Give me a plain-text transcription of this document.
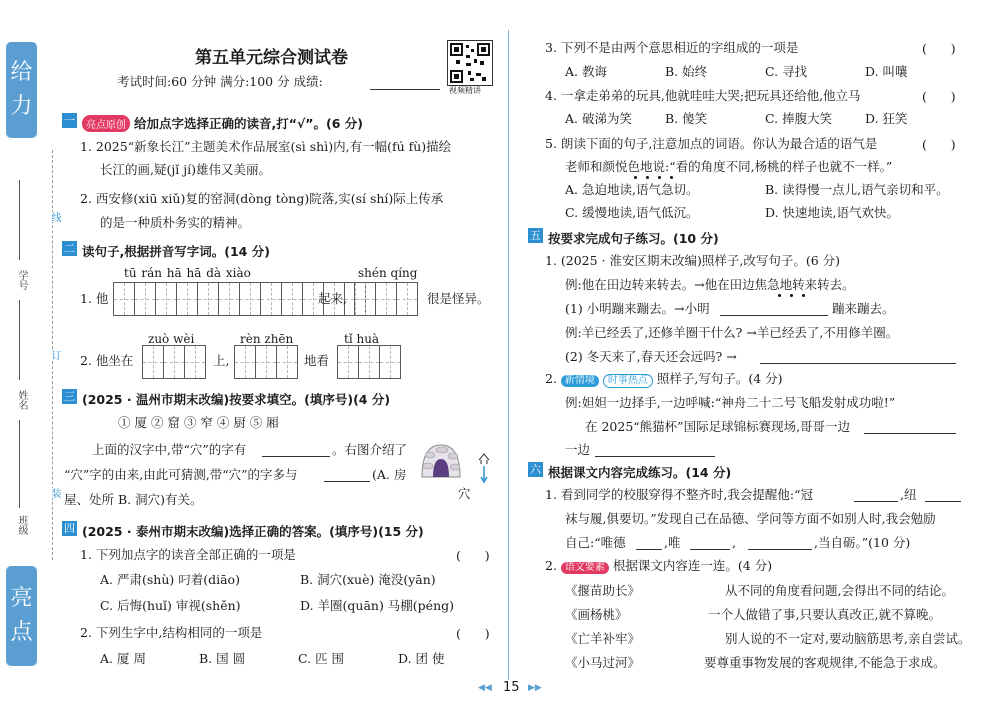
给 力
亮 点
学号
姓名
班级
线
订
装
第五单元综合测试卷
考试时间:60 分钟 满分:100 分 成绩:
视频精讲
一	亮点原创 给加点字选择正确的读音,打“√”。(6 分)
1. 2025“新象长江”主题美术作品展室(sì shì)内,有一幅(fú fù)描绘
长江的画,疑(jǐ jí)雄伟又美丽。
2. 西安修(xiū xiǔ)复的窑洞(dòng tòng)院落,实(sí shí)际上传承
的是一种质朴务实的精神。
二 读句子,根据拼音写字词。(14 分)
tū rán hā hā dà xiào	shén qíng
1. 他	起来,	很是怪异。
zuò wèi	rèn zhēn	tǐ huà
2. 他坐在	上,	地看
三 (2025 · 温州市期末改编)按要求填空。(填序号)(4 分)
① 厦 ② 窟 ③ 窄 ④ 厨 ⑤ 厢
上面的汉字中,带“穴”的字有	。右图介绍了
“穴”字的由来,由此可猜测,带“穴”的字多与	(A. 房
屋、处所 B. 洞穴)有关。	穴
四 (2025 · 泰州市期末改编)选择正确的答案。(填序号)(15 分)
1. 下列加点字的读音全部正确的一项是	(      )
A. 严肃(shù) 叼着(diāo)	B. 洞穴(xuè) 淹没(yān)
C. 后悔(huǐ) 审视(shěn)	D. 羊圈(quān) 马棚(péng)
2. 下列生字中,结构相同的一项是	(      )
A. 厦 周	B. 国 圆	C. 匹 围	D. 团 使
3. 下列不是由两个意思相近的字组成的一项是	(      )
A. 教诲	B. 始终	C. 寻找	D. 叫嚷
4. 一拿走弟弟的玩具,他就哇哇大哭;把玩具还给他,他立马	(      )
A. 破涕为笑	B. 傻笑	C. 捧腹大笑	D. 狂笑
5. 朗读下面的句子,注意加点的词语。你认为最合适的语气是	(      )
老师和颜悦色地说:“看的角度不同,杨桃的样子也就不一样。”
A. 急迫地读,语气急切。	B. 读得慢一点儿,语气亲切和平。
C. 缓慢地读,语气低沉。	D. 快速地读,语气欢快。
五 按要求完成句子练习。(10 分)
1. (2025 · 淮安区期末改编)照样子,改写句子。(6 分)
例:他在田边转来转去。→他在田边焦急地转来转去。
(1) 小明蹦来蹦去。→小明	蹦来蹦去。
例:羊已经丢了,还修羊圈干什么? →羊已经丢了,不用修羊圈。
(2) 冬天来了,春天还会远吗? →
2. 新情境 时事热点 照样子,写句子。(4 分)
例:妲妲一边择手,一边呼喊:“神舟二十二号飞船发射成功啦!”
在 2025“熊猫杯”国际足球锦标赛现场,哥哥一边
一边
六 根据课文内容完成练习。(14 分)
1. 看到同学的校服穿得不整齐时,我会提醒他:“冠	,纽
袜与履,俱要切。”发现自己在品德、学问等方面不如别人时,我会勉励
自己:“唯德	,唯	,	,当自砺。”(10 分)
2. 语文要素 根据课文内容连一连。(4 分)
《揠苗助长》	从不同的角度看问题,会得出不同的结论。
《画杨桃》	一个人做错了事,只要认真改正,就不算晚。
《亡羊补牢》	别人说的不一定对,要动脑筋思考,亲自尝试。
《小马过河》	要尊重事物发展的客观规律,不能急于求成。
◀◀ 15 ▶▶
